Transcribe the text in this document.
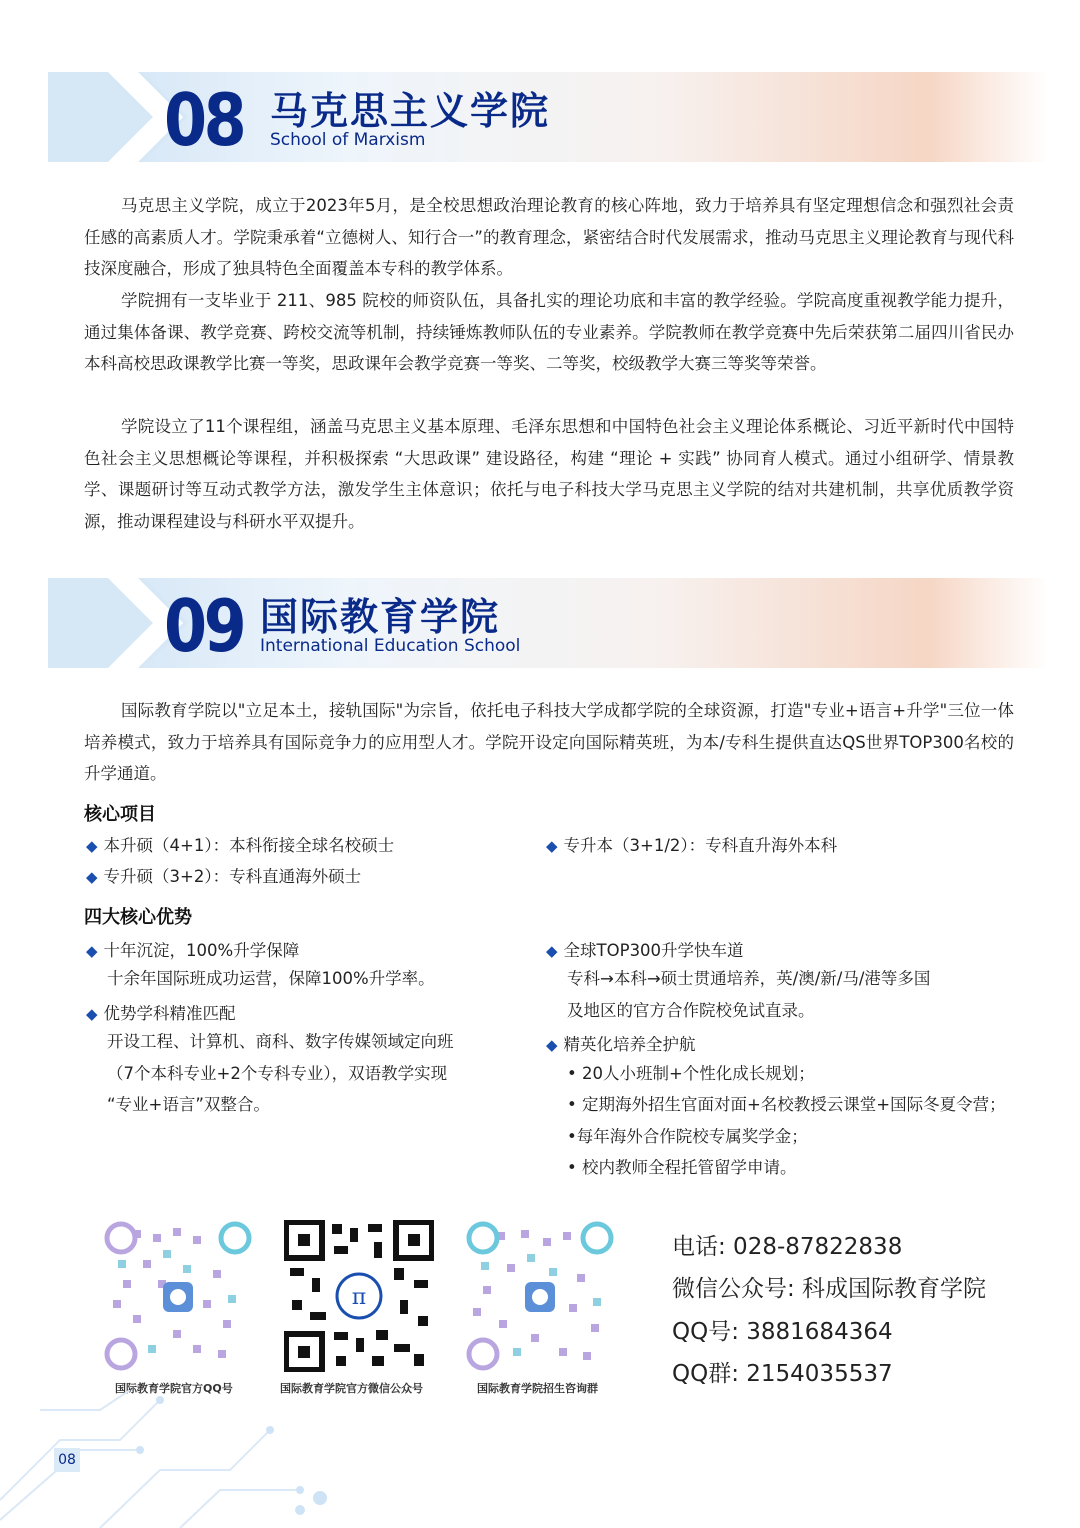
08 马克思主义学院
School of Marxism

马克思主义学院，成立于2023年5月，是全校思想政治理论教育的核心阵地，致力于培养具有坚定理想信念和强烈社会责任感的高素质人才。学院秉承着“立德树人、知行合一”的教育理念，紧密结合时代发展需求，推动马克思主义理论教育与现代科技深度融合，形成了独具特色全面覆盖本专科的教学体系。

学院拥有一支毕业于 211、985 院校的师资队伍，具备扎实的理论功底和丰富的教学经验。学院高度重视教学能力提升，通过集体备课、教学竞赛、跨校交流等机制，持续锤炼教师队伍的专业素养。学院教师在教学竞赛中先后荣获第二届四川省民办本科高校思政课教学比赛一等奖，思政课年会教学竞赛一等奖、二等奖，校级教学大赛三等奖等荣誉。

学院设立了11个课程组，涵盖马克思主义基本原理、毛泽东思想和中国特色社会主义理论体系概论、习近平新时代中国特色社会主义思想概论等课程，并积极探索 “大思政课” 建设路径，构建 “理论 + 实践” 协同育人模式。通过小组研学、情景教学、课题研讨等互动式教学方法，激发学生主体意识；依托与电子科技大学马克思主义学院的结对共建机制，共享优质教学资源，推动课程建设与科研水平双提升。

09 国际教育学院
International Education School

国际教育学院以"立足本土，接轨国际"为宗旨，依托电子科技大学成都学院的全球资源，打造"专业+语言+升学"三位一体培养模式，致力于培养具有国际竞争力的应用型人才。学院开设定向国际精英班，为本/专科生提供直达QS世界TOP300名校的升学通道。

核心项目
◆ 本升硕（4+1）：本科衔接全球名校硕士	◆ 专升本（3+1/2）：专科直升海外本科
◆ 专升硕（3+2）：专科直通海外硕士
四大核心优势
◆ 十年沉淀，100%升学保障
十余年国际班成功运营，保障100%升学率。
◆ 优势学科精准匹配
开设工程、计算机、商科、数字传媒领域定向班
（7个本科专业+2个专科专业），双语教学实现
“专业+语言”双整合。
◆ 全球TOP300升学快车道
专科→本科→硕士贯通培养，英/澳/新/马/港等多国
及地区的官方合作院校免试直录。
◆ 精英化培养全护航
• 20人小班制+个性化成长规划；
• 定期海外招生官面对面+名校教授云课堂+国际冬夏令营；
•每年海外合作院校专属奖学金；
• 校内教师全程托管留学申请。
π
国际教育学院官方QQ号	国际教育学院官方微信公众号	国际教育学院招生咨询群
电话: 028-87822838
微信公众号: 科成国际教育学院
QQ号: 3881684364
QQ群: 2154035537
08
